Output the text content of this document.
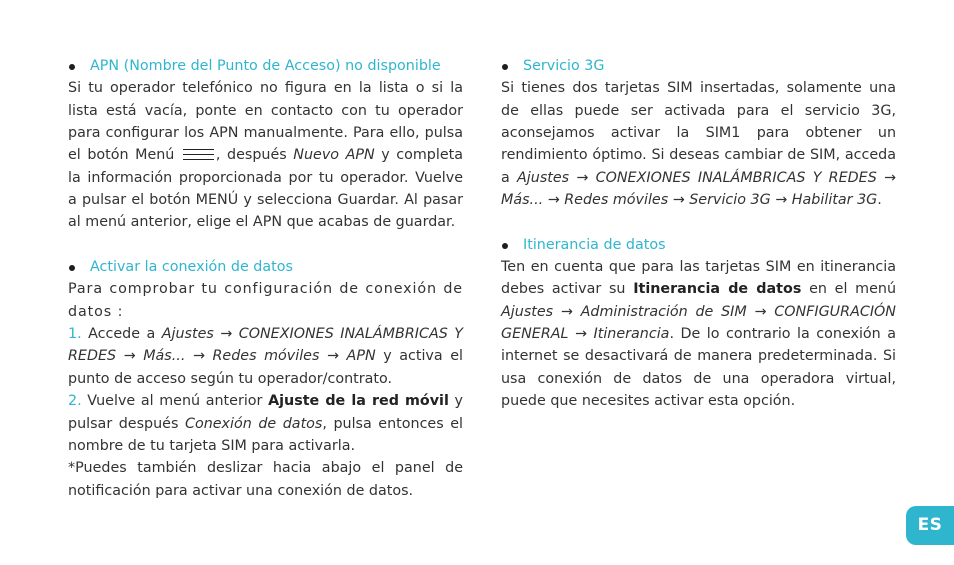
APN (Nombre del Punto de Acceso) no disponible

Si tu operador telefónico no figura en la lista o si la lista está vacía, ponte en contacto con tu operador para configurar los APN manualmente. Para ello, pulsa el botón Menú	, después Nuevo APN y completa la información proporcionada por tu operador. Vuelve a pulsar el botón MENÚ y selecciona Guardar. Al pasar al menú anterior, elige el APN que acabas de guardar.

Activar la conexión de datos

Para comprobar tu configuración de conexión de datos :

1. Accede a Ajustes → CONEXIONES INALÁMBRICAS Y REDES → Más... → Redes móviles → APN y activa el punto de acceso según tu operador/contrato.

2. Vuelve al menú anterior Ajuste de la red móvil y pulsar después Conexión de datos, pulsa entonces el nombre de tu tarjeta SIM para activarla.

*Puedes también deslizar hacia abajo el panel de notificación para activar una conexión de datos.

Servicio 3G

Si tienes dos tarjetas SIM insertadas, solamente una de ellas puede ser activada para el servicio 3G, aconsejamos activar la SIM1 para obtener un rendimiento óptimo. Si deseas cambiar de SIM, acceda a Ajustes → CONEXIONES INALÁMBRICAS Y REDES → Más... → Redes móviles → Servicio 3G → Habilitar 3G.

Itinerancia de datos

Ten en cuenta que para las tarjetas SIM en itinerancia debes activar su Itinerancia de datos en el menú Ajustes → Administración de SIM → CONFIGURACIÓN GENERAL → Itinerancia. De lo contrario la conexión a internet se desactivará de manera predeterminada. Si usa conexión de datos de una operadora virtual, puede que necesites activar esta opción.

ES
